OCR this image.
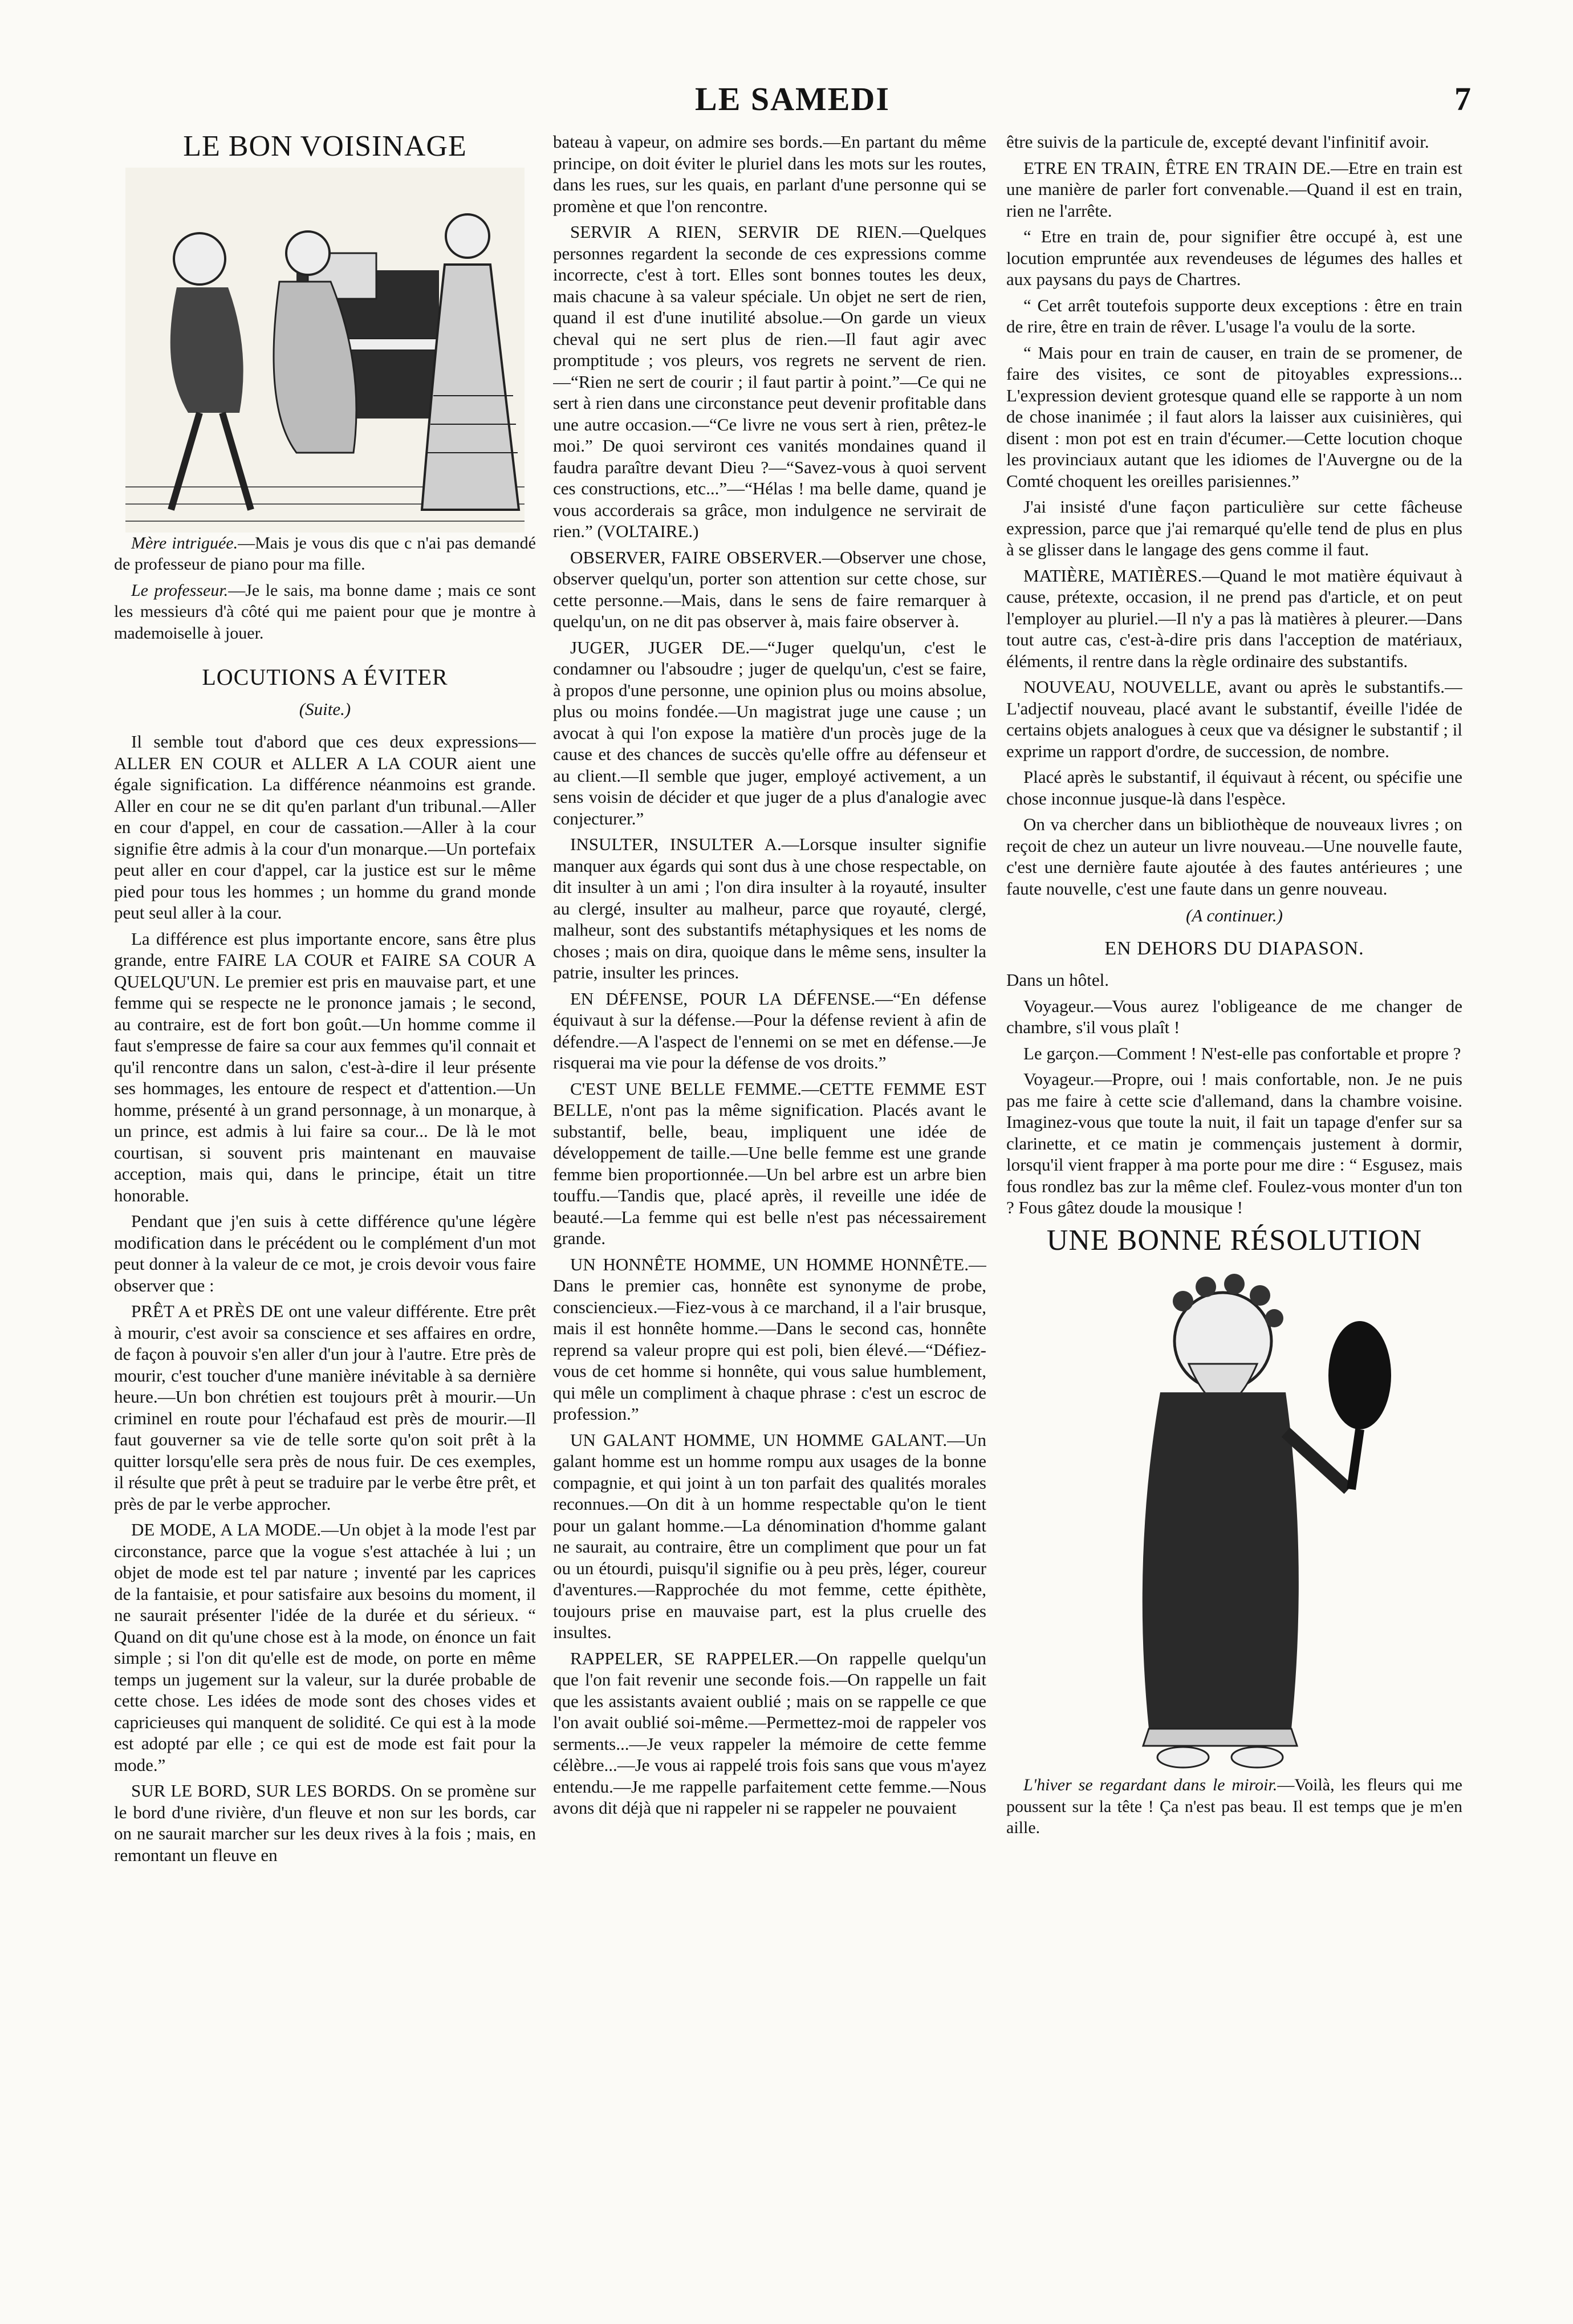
LE SAMEDI	7
LE BON VOISINAGE

Mère intriguée.—Mais je vous dis que c n'ai pas demandé de professeur de piano pour ma fille.

Le professeur.—Je le sais, ma bonne dame ; mais ce sont les messieurs d'à côté qui me paient pour que je montre à mademoiselle à jouer.

LOCUTIONS A ÉVITER
(Suite.)

Il semble tout d'abord que ces deux expressions—ALLER EN COUR et ALLER A LA COUR aient une égale signification. La différence néanmoins est grande. Aller en cour ne se dit qu'en parlant d'un tribunal.—Aller en cour d'appel, en cour de cassation.—Aller à la cour signifie être admis à la cour d'un monarque.—Un portefaix peut aller en cour d'appel, car la justice est sur le même pied pour tous les hommes ; un homme du grand monde peut seul aller à la cour.

La différence est plus importante encore, sans être plus grande, entre FAIRE LA COUR et FAIRE SA COUR A QUELQU'UN. Le premier est pris en mauvaise part, et une femme qui se respecte ne le prononce jamais ; le second, au contraire, est de fort bon goût.—Un homme comme il faut s'empresse de faire sa cour aux femmes qu'il connait et qu'il rencontre dans un salon, c'est-à-dire il leur présente ses hommages, les entoure de respect et d'attention.—Un homme, présenté à un grand personnage, à un monarque, à un prince, est admis à lui faire sa cour... De là le mot courtisan, si souvent pris maintenant en mauvaise acception, mais qui, dans le principe, était un titre honorable.

Pendant que j'en suis à cette différence qu'une légère modification dans le précédent ou le complément d'un mot peut donner à la valeur de ce mot, je crois devoir vous faire observer que :

PRÊT A et PRÈS DE ont une valeur différente. Etre prêt à mourir, c'est avoir sa conscience et ses affaires en ordre, de façon à pouvoir s'en aller d'un jour à l'autre. Etre près de mourir, c'est toucher d'une manière inévitable à sa dernière heure.—Un bon chrétien est toujours prêt à mourir.—Un criminel en route pour l'échafaud est près de mourir.—Il faut gouverner sa vie de telle sorte qu'on soit prêt à la quitter lorsqu'elle sera près de nous fuir. De ces exemples, il résulte que prêt à peut se traduire par le verbe être prêt, et près de par le verbe approcher.

DE MODE, A LA MODE.—Un objet à la mode l'est par circonstance, parce que la vogue s'est attachée à lui ; un objet de mode est tel par nature ; inventé par les caprices de la fantaisie, et pour satisfaire aux besoins du moment, il ne saurait présenter l'idée de la durée et du sérieux. “ Quand on dit qu'une chose est à la mode, on énonce un fait simple ; si l'on dit qu'elle est de mode, on porte en même temps un jugement sur la valeur, sur la durée probable de cette chose. Les idées de mode sont des choses vides et capricieuses qui manquent de solidité. Ce qui est à la mode est adopté par elle ; ce qui est de mode est fait pour la mode.”

SUR LE BORD, SUR LES BORDS. On se promène sur le bord d'une rivière, d'un fleuve et non sur les bords, car on ne saurait marcher sur les deux rives à la fois ; mais, en remontant un fleuve en

bateau à vapeur, on admire ses bords.—En partant du même principe, on doit éviter le pluriel dans les mots sur les routes, dans les rues, sur les quais, en parlant d'une personne qui se promène et que l'on rencontre.

SERVIR A RIEN, SERVIR DE RIEN.—Quelques personnes regardent la seconde de ces expressions comme incorrecte, c'est à tort. Elles sont bonnes toutes les deux, mais chacune à sa valeur spéciale. Un objet ne sert de rien, quand il est d'une inutilité absolue.—On garde un vieux cheval qui ne sert plus de rien.—Il faut agir avec promptitude ; vos pleurs, vos regrets ne servent de rien.—“Rien ne sert de courir ; il faut partir à point.”—Ce qui ne sert à rien dans une circonstance peut devenir profitable dans une autre occasion.—“Ce livre ne vous sert à rien, prêtez-le moi.” De quoi serviront ces vanités mondaines quand il faudra paraître devant Dieu ?—“Savez-vous à quoi servent ces constructions, etc...”—“Hélas ! ma belle dame, quand je vous accorderais sa grâce, mon indulgence ne servirait de rien.” (VOLTAIRE.)

OBSERVER, FAIRE OBSERVER.—Observer une chose, observer quelqu'un, porter son attention sur cette chose, sur cette personne.—Mais, dans le sens de faire remarquer à quelqu'un, on ne dit pas observer à, mais faire observer à.

JUGER, JUGER DE.—“Juger quelqu'un, c'est le condamner ou l'absoudre ; juger de quelqu'un, c'est se faire, à propos d'une personne, une opinion plus ou moins absolue, plus ou moins fondée.—Un magistrat juge une cause ; un avocat à qui l'on expose la matière d'un procès juge de la cause et des chances de succès qu'elle offre au défenseur et au client.—Il semble que juger, employé activement, a un sens voisin de décider et que juger de a plus d'analogie avec conjecturer.”

INSULTER, INSULTER A.—Lorsque insulter signifie manquer aux égards qui sont dus à une chose respectable, on dit insulter à un ami ; l'on dira insulter à la royauté, insulter au clergé, insulter au malheur, parce que royauté, clergé, malheur, sont des substantifs métaphysiques et les noms de choses ; mais on dira, quoique dans le même sens, insulter la patrie, insulter les princes.

EN DÉFENSE, POUR LA DÉFENSE.—“En défense équivaut à sur la défense.—Pour la défense revient à afin de défendre.—A l'aspect de l'ennemi on se met en défense.—Je risquerai ma vie pour la défense de vos droits.”

C'EST UNE BELLE FEMME.—CETTE FEMME EST BELLE, n'ont pas la même signification. Placés avant le substantif, belle, beau, impliquent une idée de développement de taille.—Une belle femme est une grande femme bien proportionnée.—Un bel arbre est un arbre bien touffu.—Tandis que, placé après, il reveille une idée de beauté.—La femme qui est belle n'est pas nécessairement grande.

UN HONNÊTE HOMME, UN HOMME HONNÊTE.—Dans le premier cas, honnête est synonyme de probe, consciencieux.—Fiez-vous à ce marchand, il a l'air brusque, mais il est honnête homme.—Dans le second cas, honnête reprend sa valeur propre qui est poli, bien élevé.—“Défiez-vous de cet homme si honnête, qui vous salue humblement, qui mêle un compliment à chaque phrase : c'est un escroc de profession.”

UN GALANT HOMME, UN HOMME GALANT.—Un galant homme est un homme rompu aux usages de la bonne compagnie, et qui joint à un ton parfait des qualités morales reconnues.—On dit à un homme respectable qu'on le tient pour un galant homme.—La dénomination d'homme galant ne saurait, au contraire, être un compliment que pour un fat ou un étourdi, puisqu'il signifie ou à peu près, léger, coureur d'aventures.—Rapprochée du mot femme, cette épithète, toujours prise en mauvaise part, est la plus cruelle des insultes.

RAPPELER, SE RAPPELER.—On rappelle quelqu'un que l'on fait revenir une seconde fois.—On rappelle un fait que les assistants avaient oublié ; mais on se rappelle ce que l'on avait oublié soi-même.—Permettez-moi de rappeler vos serments...—Je veux rappeler la mémoire de cette femme célèbre...—Je vous ai rappelé trois fois sans que vous m'ayez entendu.—Je me rappelle parfaitement cette femme.—Nous avons dit déjà que ni rappeler ni se rappeler ne pouvaient

être suivis de la particule de, excepté devant l'infinitif avoir.

ETRE EN TRAIN, ÊTRE EN TRAIN DE.—Etre en train est une manière de parler fort convenable.—Quand il est en train, rien ne l'arrête.

“ Etre en train de, pour signifier être occupé à, est une locution empruntée aux revendeuses de légumes des halles et aux paysans du pays de Chartres.

“ Cet arrêt toutefois supporte deux exceptions : être en train de rire, être en train de rêver. L'usage l'a voulu de la sorte.

“ Mais pour en train de causer, en train de se promener, de faire des visites, ce sont de pitoyables expressions... L'expression devient grotesque quand elle se rapporte à un nom de chose inanimée ; il faut alors la laisser aux cuisinières, qui disent : mon pot est en train d'écumer.—Cette locution choque les provinciaux autant que les idiomes de l'Auvergne ou de la Comté choquent les oreilles parisiennes.”

J'ai insisté d'une façon particulière sur cette fâcheuse expression, parce que j'ai remarqué qu'elle tend de plus en plus à se glisser dans le langage des gens comme il faut.

MATIÈRE, MATIÈRES.—Quand le mot matière équivaut à cause, prétexte, occasion, il ne prend pas d'article, et on peut l'employer au pluriel.—Il n'y a pas là matières à pleurer.—Dans tout autre cas, c'est-à-dire pris dans l'acception de matériaux, éléments, il rentre dans la règle ordinaire des substantifs.

NOUVEAU, NOUVELLE, avant ou après le substantifs.—L'adjectif nouveau, placé avant le substantif, éveille l'idée de certains objets analogues à ceux que va désigner le substantif ; il exprime un rapport d'ordre, de succession, de nombre.

Placé après le substantif, il équivaut à récent, ou spécifie une chose inconnue jusque-là dans l'espèce.

On va chercher dans un bibliothèque de nouveaux livres ; on reçoit de chez un auteur un livre nouveau.—Une nouvelle faute, c'est une dernière faute ajoutée à des fautes antérieures ; une faute nouvelle, c'est une faute dans un genre nouveau.

(A continuer.)
EN DEHORS DU DIAPASON.

Dans un hôtel.

Voyageur.—Vous aurez l'obligeance de me changer de chambre, s'il vous plaît !

Le garçon.—Comment ! N'est-elle pas confortable et propre ?

Voyageur.—Propre, oui ! mais confortable, non. Je ne puis pas me faire à cette scie d'allemand, dans la chambre voisine. Imaginez-vous que toute la nuit, il fait un tapage d'enfer sur sa clarinette, et ce matin je commençais justement à dormir, lorsqu'il vient frapper à ma porte pour me dire : “ Esgusez, mais fous rondlez bas zur la même clef. Foulez-vous monter d'un ton ? Fous gâtez doude la mousique !

UNE BONNE RÉSOLUTION

L'hiver se regardant dans le miroir.—Voilà, les fleurs qui me poussent sur la tête ! Ça n'est pas beau. Il est temps que je m'en aille.
